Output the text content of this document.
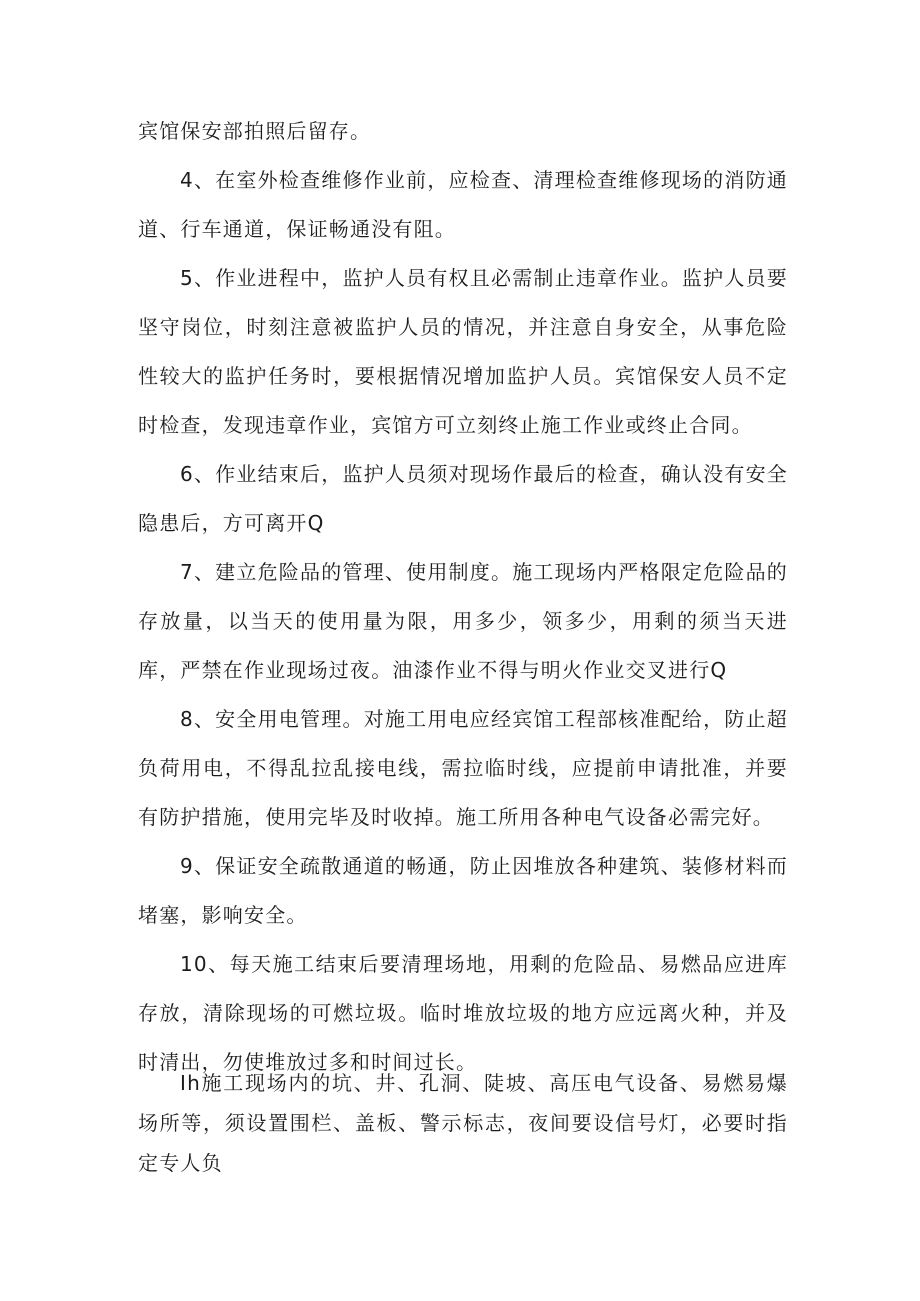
宾馆保安部拍照后留存。

4、在室外检查维修作业前，应检查、清理检查维修现场的消防通道、行车通道，保证畅通没有阻。

5、作业进程中，监护人员有权且必需制止违章作业。监护人员要坚守岗位，时刻注意被监护人员的情况，并注意自身安全，从事危险性较大的监护任务时，要根据情况增加监护人员。宾馆保安人员不定时检查，发现违章作业，宾馆方可立刻终止施工作业或终止合同。

6、作业结束后，监护人员须对现场作最后的检查，确认没有安全隐患后，方可离开Q

7、建立危险品的管理、使用制度。施工现场内严格限定危险品的存放量，以当天的使用量为限，用多少，领多少，用剩的须当天进库，严禁在作业现场过夜。油漆作业不得与明火作业交叉进行Q

8、安全用电管理。对施工用电应经宾馆工程部核准配给，防止超负荷用电，不得乱拉乱接电线，需拉临时线，应提前申请批准，并要有防护措施，使用完毕及时收掉。施工所用各种电气设备必需完好。

9、保证安全疏散通道的畅通，防止因堆放各种建筑、装修材料而堵塞，影响安全。

10、每天施工结束后要清理场地，用剩的危险品、易燃品应进库存放，清除现场的可燃垃圾。临时堆放垃圾的地方应远离火种，并及时清出，勿使堆放过多和时间过长。

Ih施工现场内的坑、井、孔洞、陡坡、高压电气设备、易燃易爆场所等，须设置围栏、盖板、警示标志，夜间要设信号灯，必要时指定专人负
